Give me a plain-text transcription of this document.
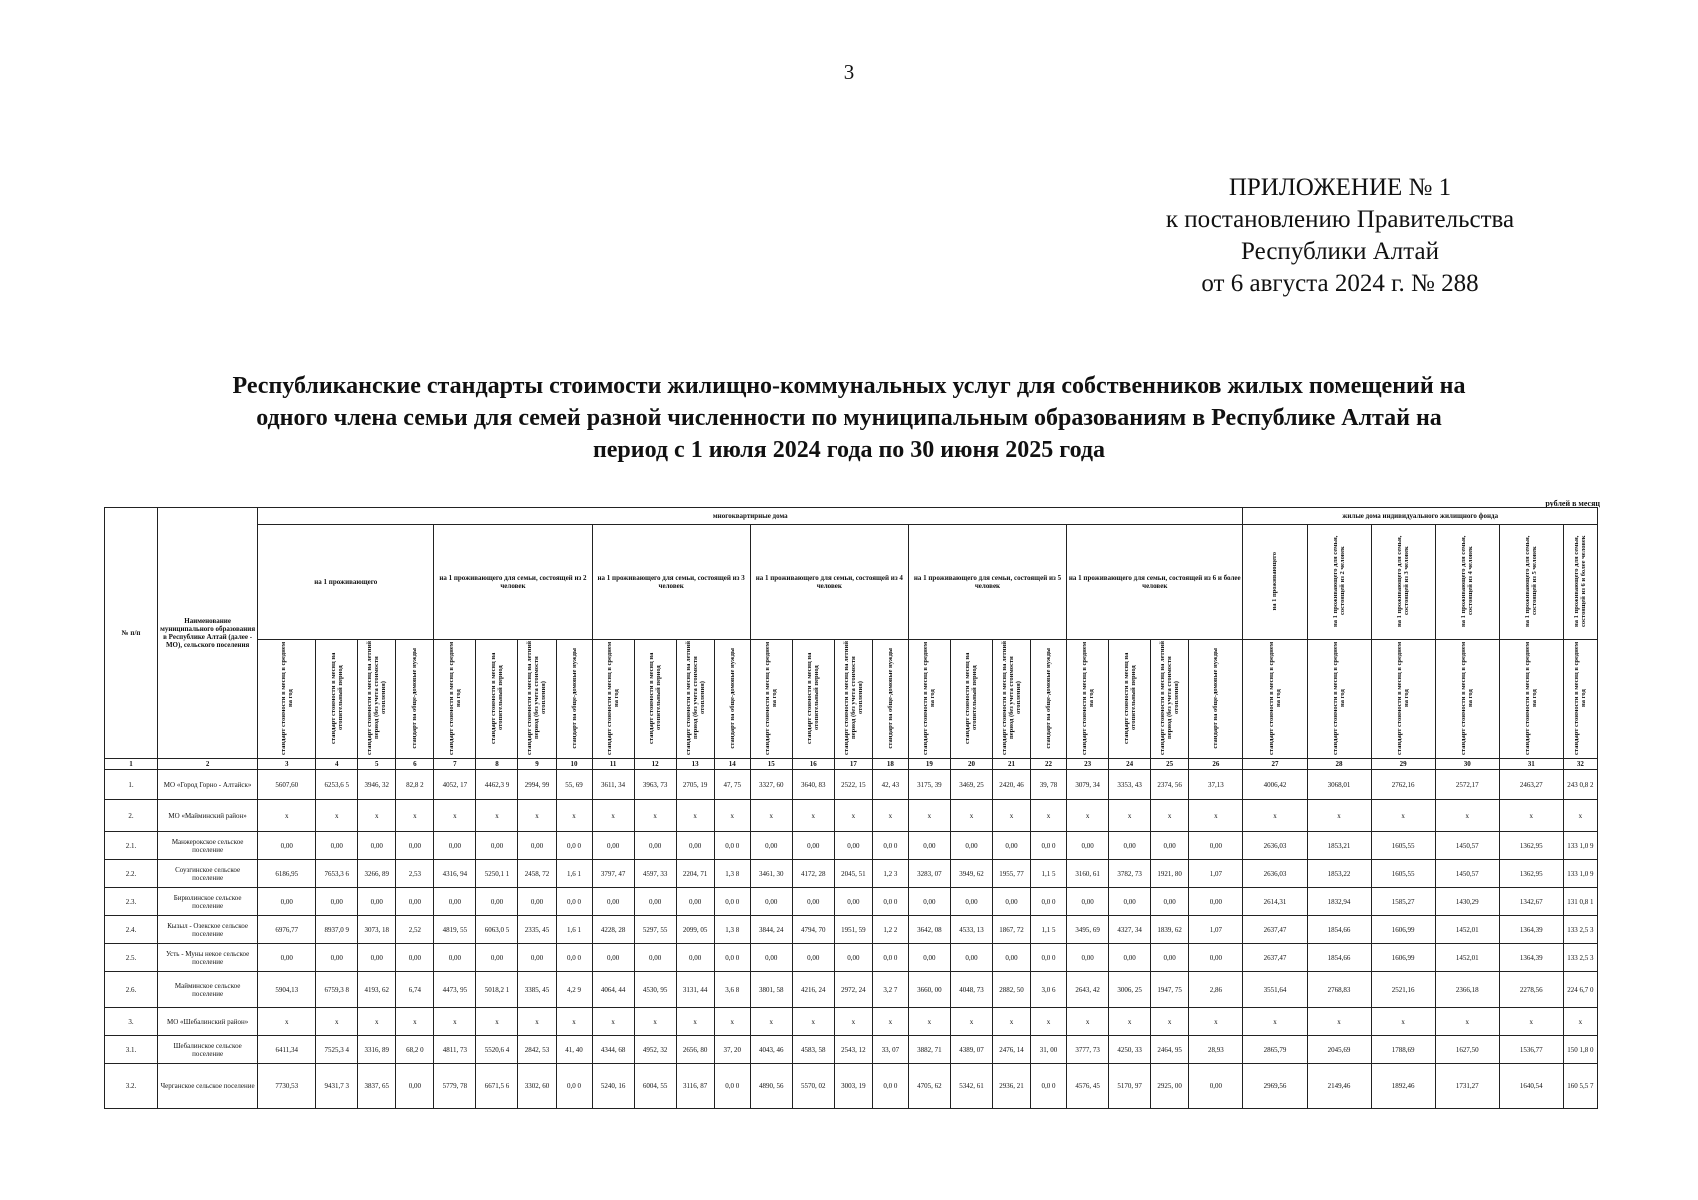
3
ПРИЛОЖЕНИЕ № 1
к постановлению Правительства
Республики Алтай
от 6 августа 2024 г. № 288
Республиканские стандарты стоимости жилищно-коммунальных услуг для собственников жилых помещений на
одного члена семьи для семей разной численности по муниципальным образованиям в Республике Алтай на
период с 1 июля 2024 года по 30 июня 2025 года
рублей в месяц
№ п/п	Наименование муниципального образования в Республике Алтай (далее - МО), сельского поселения	многоквартирные дома																								жилые дома индивидуального жилищного фонда					
		на 1 проживающего				на 1 проживающего для семьи, состоящей из 2 человек				на 1 проживающего для семьи, состоящей из 3 человек				на 1 проживающего для семьи, состоящей из 4 человек				на 1 проживающего для семьи, состоящей из 5 человек				на 1 проживающего для семьи, состоящей из 6 и более человек				на 1 проживающего	на 1 проживающего для семьи, состоящей из 2 человек	на 1 проживающего для семьи, состоящей из 3 человек	на 1 проживающего для семьи, состоящей из 4 человек	на 1 проживающего для семьи, состоящей из 5 человек	на 1 проживающего для семьи, состоящей из 6 и более человек
		стандарт стоимости в месяц в среднем на год	стандарт стоимости в месяц на отопительный период	стандарт стоимости в месяц на летний период (без учета стоимости отопления)	стандарт на обще-домовые нужды	стандарт стоимости в месяц в среднем на год	стандарт стоимости в месяц на отопительный период	стандарт стоимости в месяц на летний период (без учета стоимости отопления)	стандарт на обще-домовые нужды	стандарт стоимости в месяц в среднем на год	стандарт стоимости в месяц на отопительный период	стандарт стоимости в месяц на летний период (без учета стоимости отопления)	стандарт на обще-домовые нужды	стандарт стоимости в месяц в среднем на год	стандарт стоимости в месяц на отопительный период	стандарт стоимости в месяц на летний период (без учета стоимости отопления)	стандарт на обще-домовые нужды	стандарт стоимости в месяц в среднем на год	стандарт стоимости в месяц на отопительный период	стандарт стоимости в месяц на летний период (без учета стоимости отопления)	стандарт на обще-домовые нужды	стандарт стоимости в месяц в среднем на год	стандарт стоимости в месяц на отопительный период	стандарт стоимости в месяц на летний период (без учета стоимости отопления)	стандарт на обще-домовые нужды	стандарт стоимости в месяц в среднем на год	стандарт стоимости в месяц в среднем на год	стандарт стоимости в месяц в среднем на год	стандарт стоимости в месяц в среднем на год	стандарт стоимости в месяц в среднем на год	стандарт стоимости в месяц в среднем на год
1	2	3	4	5	6	7	8	9	10	11	12	13	14	15	16	17	18	19	20	21	22	23	24	25	26	27	28	29	30	31	32
1.	МО «Город Горно - Алтайск»	5607,60	6253,6 5	3946, 32	82,8 2	4052, 17	4462,3 9	2994, 99	55, 69	3611, 34	3963, 73	2705, 19	47, 75	3327, 60	3640, 83	2522, 15	42, 43	3175, 39	3469, 25	2420, 46	39, 78	3079, 34	3353, 43	2374, 56	37,13	4006,42	3068,01	2762,16	2572,17	2463,27	243 0,8 2
2.	МО «Майминский район»	x	x	x	x	x	x	x	x	x	x	x	x	x	x	x	x	x	x	x	x	x	x	x	x	x	x	x	x	x	x
2.1.	Манжерокское сельское поселение	0,00	0,00	0,00	0,00	0,00	0,00	0,00	0,0 0	0,00	0,00	0,00	0,0 0	0,00	0,00	0,00	0,0 0	0,00	0,00	0,00	0,0 0	0,00	0,00	0,00	0,00	2636,03	1853,21	1605,55	1450,57	1362,95	133 1,0 9
2.2.	Соузгинское сельское поселение	6186,95	7653,3 6	3266, 89	2,53	4316, 94	5250,1 1	2458, 72	1,6 1	3797, 47	4597, 33	2204, 71	1,3 8	3461, 30	4172, 28	2045, 51	1,2 3	3283, 07	3949, 62	1955, 77	1,1 5	3160, 61	3782, 73	1921, 80	1,07	2636,03	1853,22	1605,55	1450,57	1362,95	133 1,0 9
2.3.	Бирюлинское сельское поселение	0,00	0,00	0,00	0,00	0,00	0,00	0,00	0,0 0	0,00	0,00	0,00	0,0 0	0,00	0,00	0,00	0,0 0	0,00	0,00	0,00	0,0 0	0,00	0,00	0,00	0,00	2614,31	1832,94	1585,27	1430,29	1342,67	131 0,8 1
2.4.	Кызыл - Озекское сельское поселение	6976,77	8937,0 9	3073, 18	2,52	4819, 55	6063,0 5	2335, 45	1,6 1	4228, 28	5297, 55	2099, 05	1,3 8	3844, 24	4794, 70	1951, 59	1,2 2	3642, 08	4533, 13	1867, 72	1,1 5	3495, 69	4327, 34	1839, 62	1,07	2637,47	1854,66	1606,99	1452,01	1364,39	133 2,5 3
2.5.	Усть - Муны некое сельское поселение	0,00	0,00	0,00	0,00	0,00	0,00	0,00	0,0 0	0,00	0,00	0,00	0,0 0	0,00	0,00	0,00	0,0 0	0,00	0,00	0,00	0,0 0	0,00	0,00	0,00	0,00	2637,47	1854,66	1606,99	1452,01	1364,39	133 2,5 3
2.6.	Майминское сельское поселение	5904,13	6759,3 8	4193, 62	6,74	4473, 95	5018,2 1	3385, 45	4,2 9	4064, 44	4530, 95	3131, 44	3,6 8	3801, 58	4216, 24	2972, 24	3,2 7	3660, 00	4048, 73	2882, 50	3,0 6	2643, 42	3006, 25	1947, 75	2,86	3551,64	2768,83	2521,16	2366,18	2278,56	224 6,7 0
3.	МО «Шебалинский район»	x	x	x	x	x	x	x	x	x	x	x	x	x	x	x	x	x	x	x	x	x	x	x	x	x	x	x	x	x	x
3.1.	Шебалинское сельское поселение	6411,34	7525,3 4	3316, 89	68,2 0	4811, 73	5520,6 4	2842, 53	41, 40	4344, 68	4952, 32	2656, 80	37, 20	4043, 46	4583, 58	2543, 12	33, 07	3882, 71	4389, 07	2476, 14	31, 00	3777, 73	4250, 33	2464, 95	28,93	2865,79	2045,69	1788,69	1627,50	1536,77	150 1,8 0
3.2.	Черганское сельское поселение	7730,53	9431,7 3	3837, 65	0,00	5779, 78	6671,5 6	3302, 60	0,0 0	5240, 16	6004, 55	3116, 87	0,0 0	4890, 56	5570, 02	3003, 19	0,0 0	4705, 62	5342, 61	2936, 21	0,0 0	4576, 45	5170, 97	2925, 00	0,00	2969,56	2149,46	1892,46	1731,27	1640,54	160 5,5 7
